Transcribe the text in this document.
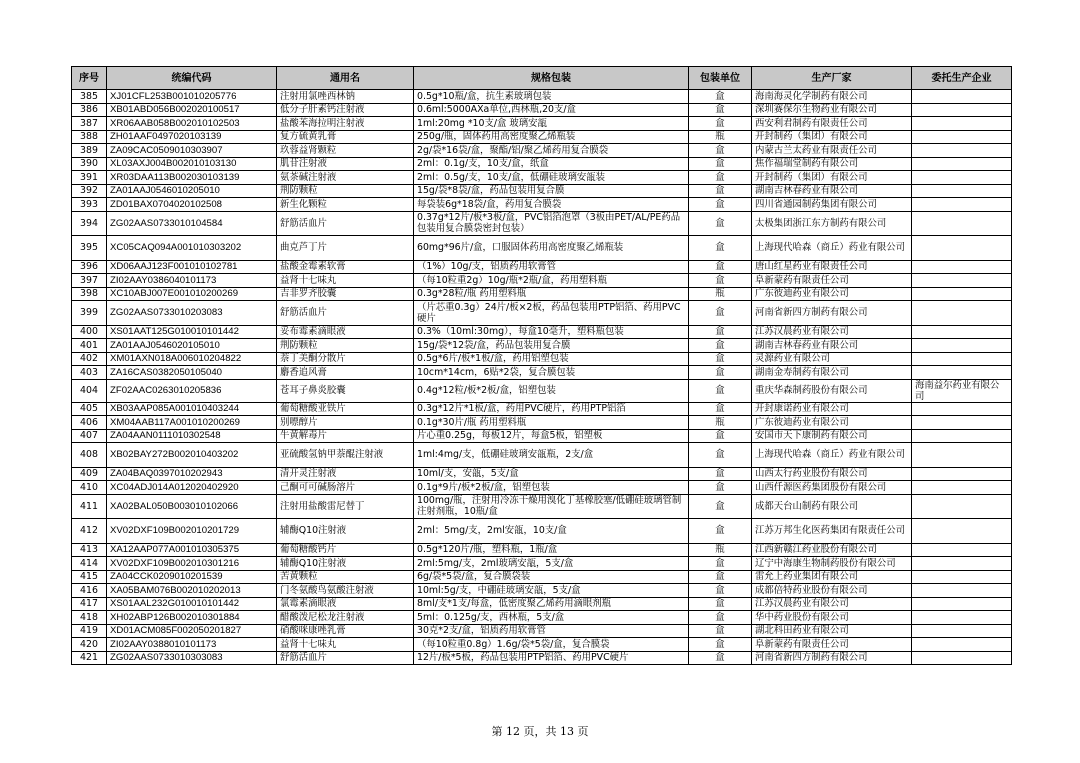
序号	统编代码	通用名	规格包装	包装单位	生产厂家	委托生产企业
385	XJ01CFL253B001010205776	注射用氯唑西林钠	0.5g*10瓶/盒，抗生素玻璃包装	盒	海南海灵化学制药有限公司	
386	XB01ABD056B002020100517	低分子肝素钙注射液	0.6ml:5000AXa单位,西林瓶,20支/盒	盒	深圳赛保尔生物药业有限公司	
387	XR06AAB058B002010102503	盐酸苯海拉明注射液	1ml:20mg *10支/盒 玻璃安瓿	盒	西安利君制药有限责任公司	
388	ZH01AAF0497020103139	复方硫黄乳膏	250g/瓶，固体药用高密度聚乙烯瓶装	瓶	开封制药（集团）有限公司	
389	ZA09CAC0509010303907	玖蓉益肾颗粒	2g/袋*16袋/盒，聚酯/铝/聚乙烯药用复合膜袋	盒	内蒙古兰太药业有限责任公司	
390	XL03AXJ004B002010103130	肌苷注射液	2ml：0.1g/支，10支/盒，纸盒	盒	焦作福瑞堂制药有限公司	
391	XR03DAA113B002030103139	氨茶碱注射液	2ml：0.5g/支，10支/盒，低硼硅玻璃安瓿装	盒	开封制药（集团）有限公司	
392	ZA01AAJ0546010205010	荆防颗粒	15g/袋*8袋/盒，药品包装用复合膜	盒	湖南吉林春药业有限公司	
393	ZD01BAX0704020102508	新生化颗粒	每袋装6g*18袋/盒，药用复合膜袋	盒	四川省通园制药集团有限公司	
394	ZG02AAS0733010104584	舒筋活血片	0.37g*12片/板*3板/盒，PVC铝箔泡罩（3板由PET/AL/PE药品包装用复合膜袋密封包装）	盒	太极集团浙江东方制药有限公司	
395	XC05CAQ094A001010303202	曲克芦丁片	60mg*96片/盒，口服固体药用高密度聚乙烯瓶装	盒	上海现代哈森（商丘）药业有限公司	
396	XD06AAJ123F001010102781	盐酸金霉素软膏	（1%）10g/支，铝质药用软膏管	盒	唐山红星药业有限责任公司	
397	ZI02AAY0386040101173	益肾十七味丸	（每10粒重2g）10g/瓶*2瓶/盒，药用塑料瓶	盒	阜新蒙药有限责任公司	
398	XC10ABJ007E001010200269	吉非罗齐胶囊	0.3g*28粒/瓶 药用塑料瓶	瓶	广东彼迪药业有限公司	
399	ZG02AAS0733010203083	舒筋活血片	（片芯重0.3g）24片/板×2板，药品包装用PTP铝箔、药用PVC硬片	盒	河南省新四方制药有限公司	
400	XS01AAT125G010010101442	妥布霉素滴眼液	0.3%（10ml:30mg），每盒10毫升，塑料瓶包装	盒	江苏汉晨药业有限公司	
401	ZA01AAJ0546020105010	荆防颗粒	15g/袋*12袋/盒，药品包装用复合膜	盒	湖南吉林春药业有限公司	
402	XM01AXN018A006010204822	萘丁美酮分散片	0.5g*6片/板*1板/盒，药用铝塑包装	盒	灵源药业有限公司	
403	ZA16CAS0382050105040	麝香追风膏	10cm*14cm，6贴*2袋，复合膜包装	盒	湖南金寿制药有限公司	
404	ZF02AAC0263010205836	苍耳子鼻炎胶囊	0.4g*12粒/板*2板/盒，铝塑包装	盒	重庆华森制药股份有限公司	海南益尔药业有限公司
405	XB03AAP085A001010403244	葡萄糖酸亚铁片	0.3g*12片*1板/盒，药用PVC硬片，药用PTP铝箔	盒	开封康诺药业有限公司	
406	XM04AAB117A001010200269	别嘌醇片	0.1g*30片/瓶 药用塑料瓶	瓶	广东彼迪药业有限公司	
407	ZA04AAN0111010302548	牛黄解毒片	片心重0.25g，每板12片，每盒5板，铝塑板	盒	安国市天下康制药有限公司	
408	XB02BAY272B002010403202	亚硫酸氢钠甲萘醌注射液	1ml:4mg/支，低硼硅玻璃安瓿瓶，2支/盒	盒	上海现代哈森（商丘）药业有限公司	
409	ZA04BAQ0397010202943	清开灵注射液	10ml/支，安瓿，5支/盒	盒	山西太行药业股份有限公司	
410	XC04ADJ014A012020402920	己酮可可碱肠溶片	0.1g*9片/板*2板/盒，铝塑包装	盒	山西仟源医药集团股份有限公司	
411	XA02BAL050B003010102066	注射用盐酸雷尼替丁	100mg/瓶，注射用冷冻干燥用溴化丁基橡胶塞/低硼硅玻璃管制注射剂瓶，10瓶/盒	盒	成都天台山制药有限公司	
412	XV02DXF109B002010201729	辅酶Q10注射液	2ml：5mg/支，2ml安瓿，10支/盒	盒	江苏万邦生化医药集团有限责任公司	
413	XA12AAP077A001010305375	葡萄糖酸钙片	0.5g*120片/瓶，塑料瓶，1瓶/盒	瓶	江西新赣江药业股份有限公司	
414	XV02DXF109B002010301216	辅酶Q10注射液	2ml:5mg/支，2ml玻璃安瓿，5支/盒	盒	辽宁中海康生物制药股份有限公司	
415	ZA04CCK0209010201539	苦黄颗粒	6g/袋*5袋/盒，复合膜袋装	盒	雷允上药业集团有限公司	
416	XA05BAM076B002010202013	门冬氨酸鸟氨酸注射液	10ml:5g/支，中硼硅玻璃安瓿，5支/盒	盒	成都倍特药业股份有限公司	
417	XS01AAL232G010010101442	氯霉素滴眼液	8ml/支*1支/每盒，低密度聚乙烯药用滴眼剂瓶	盒	江苏汉晨药业有限公司	
418	XH02ABP126B002010301884	醋酸泼尼松龙注射液	5ml：0.125g/支，西林瓶，5支/盒	盒	华中药业股份有限公司	
419	XD01ACM085F002050201827	硝酸咪康唑乳膏	30克*2支/盒，铝质药用软膏管	盒	湖北科田药业有限公司	
420	ZI02AAY0388010101173	益肾十七味丸	（每10粒重0.8g）1.6g/袋*5袋/盒，复合膜袋	盒	阜新蒙药有限责任公司	
421	ZG02AAS0733010303083	舒筋活血片	12片/板*5板，药品包装用PTP铝箔、药用PVC硬片	盒	河南省新四方制药有限公司	
第 12 页，共 13 页
